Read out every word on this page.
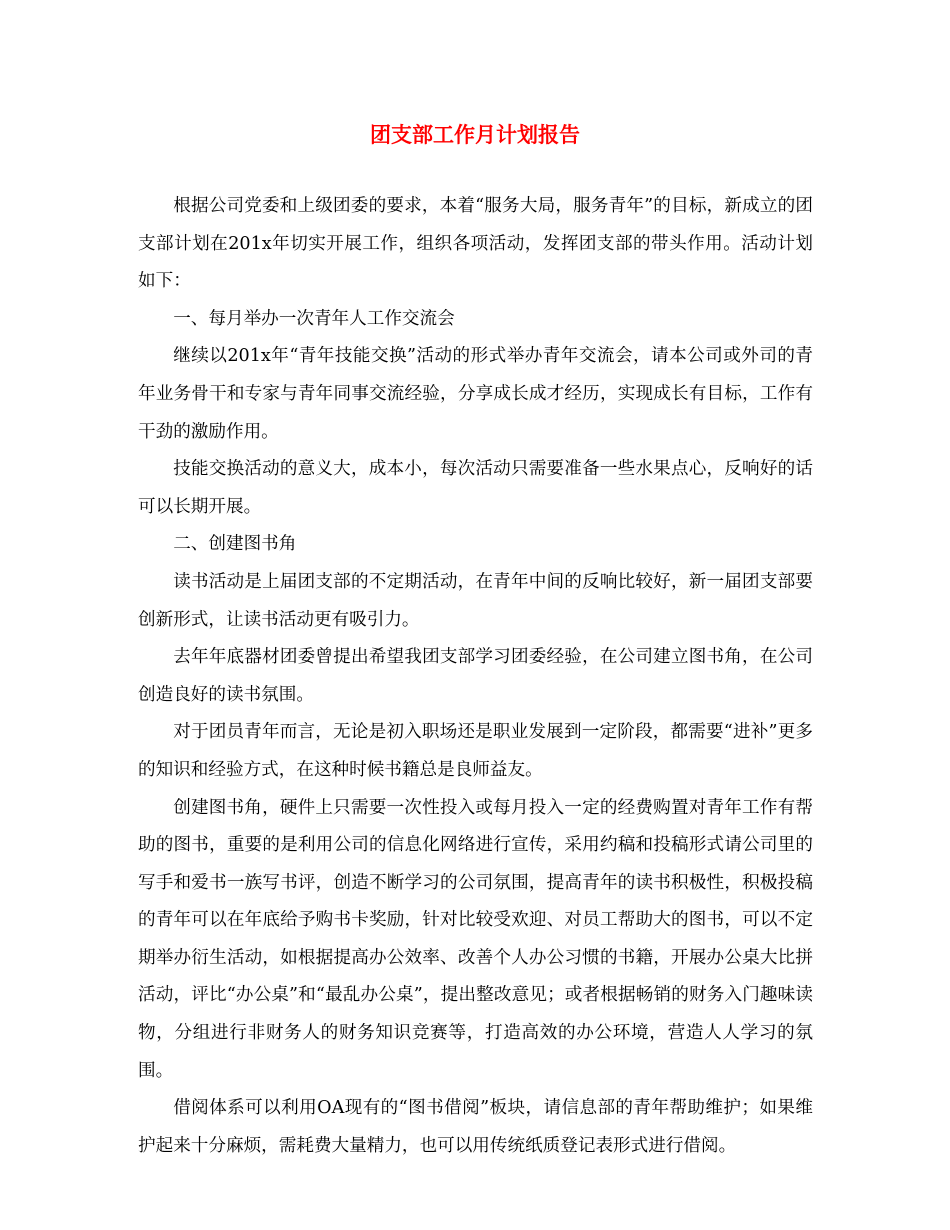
团支部工作月计划报告

根据公司党委和上级团委的要求，本着“服务大局，服务青年”的目标，新成立的团支部计划在201x年切实开展工作，组织各项活动，发挥团支部的带头作用。活动计划如下：

一、每月举办一次青年人工作交流会

继续以201x年“青年技能交换”活动的形式举办青年交流会，请本公司或外司的青年业务骨干和专家与青年同事交流经验，分享成长成才经历，实现成长有目标，工作有干劲的激励作用。

技能交换活动的意义大，成本小，每次活动只需要准备一些水果点心，反响好的话可以长期开展。

二、创建图书角

读书活动是上届团支部的不定期活动，在青年中间的反响比较好，新一届团支部要创新形式，让读书活动更有吸引力。

去年年底器材团委曾提出希望我团支部学习团委经验，在公司建立图书角，在公司创造良好的读书氛围。

对于团员青年而言，无论是初入职场还是职业发展到一定阶段，都需要“进补”更多的知识和经验方式，在这种时候书籍总是良师益友。

创建图书角，硬件上只需要一次性投入或每月投入一定的经费购置对青年工作有帮助的图书，重要的是利用公司的信息化网络进行宣传，采用约稿和投稿形式请公司里的写手和爱书一族写书评，创造不断学习的公司氛围，提高青年的读书积极性，积极投稿的青年可以在年底给予购书卡奖励，针对比较受欢迎、对员工帮助大的图书，可以不定期举办衍生活动，如根据提高办公效率、改善个人办公习惯的书籍，开展办公桌大比拼活动，评比“办公桌”和“最乱办公桌”，提出整改意见；或者根据畅销的财务入门趣味读物，分组进行非财务人的财务知识竞赛等，打造高效的办公环境，营造人人学习的氛围。

借阅体系可以利用OA现有的“图书借阅”板块，请信息部的青年帮助维护；如果维护起来十分麻烦，需耗费大量精力，也可以用传统纸质登记表形式进行借阅。
